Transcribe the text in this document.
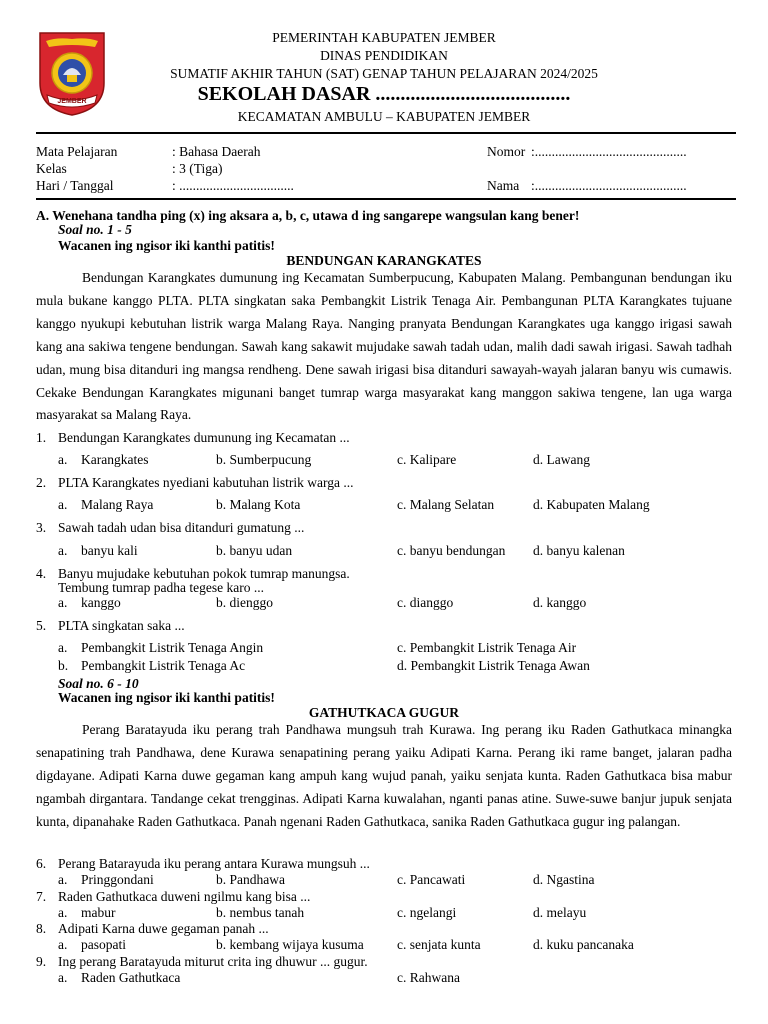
JEMBER
PEMERINTAH KABUPATEN JEMBER
DINAS PENDIDIKAN
SUMATIF AKHIR TAHUN (SAT) GENAP TAHUN PELAJARAN 2024/2025
SEKOLAH DASAR .......................................
KECAMATAN AMBULU – KABUPATEN JEMBER
Mata Pelajaran	: Bahasa Daerah
Kelas	: 3 (Tiga)
Hari / Tanggal	: ..................................
Nomor :.............................................
Nama :.............................................
A. Wenehana tandha ping (x) ing aksara a, b, c, utawa d ing sangarepe wangsulan kang bener!
Soal no. 1 - 5
Wacanen ing ngisor iki kanthi patitis!
BENDUNGAN KARANGKATES
Bendungan Karangkates dumunung ing Kecamatan Sumberpucung, Kabupaten Malang. Pembangunan bendungan iku mula bukane kanggo PLTA. PLTA singkatan saka Pembangkit Listrik Tenaga Air. Pembangunan PLTA Karangkates tujuane kanggo nyukupi kebutuhan listrik warga Malang Raya. Nanging pranyata Bendungan Karangkates uga kanggo irigasi sawah kang ana sakiwa tengene bendungan. Sawah kang sakawit mujudake sawah tadah udan, malih dadi sawah irigasi. Sawah tadhah udan, mung bisa ditanduri ing mangsa rendheng. Dene sawah irigasi bisa ditanduri sawayah-wayah jalaran banyu wis cumawis. Cekake Bendungan Karangkates migunani banget tumrap warga masyarakat kang manggon sakiwa tengene, lan uga warga masyarakat sa Malang Raya.
1. Bendungan Karangkates dumunung ing Kecamatan ...
a. Karangkates	b. Sumberpucung	c. Kalipare	d. Lawang
2. PLTA Karangkates nyediani kabutuhan listrik warga ...
a. Malang Raya	b. Malang Kota	c. Malang Selatan	d. Kabupaten Malang
3. Sawah tadah udan bisa ditanduri gumatung ...
a. banyu kali	b. banyu udan	c. banyu bendungan d. banyu kalenan
4. Banyu mujudake kebutuhan pokok tumrap manungsa.
Tembung tumrap padha tegese karo ...
a. kanggo	b. dienggo	c. dianggo	d. kanggo
5. PLTA singkatan saka ...
a. Pembangkit Listrik Tenaga Angin	c. Pembangkit Listrik Tenaga Air
b. Pembangkit Listrik Tenaga Ac	d. Pembangkit Listrik Tenaga Awan
Soal no. 6 - 10
Wacanen ing ngisor iki kanthi patitis!
GATHUTKACA GUGUR
Perang Baratayuda iku perang trah Pandhawa mungsuh trah Kurawa. Ing perang iku Raden Gathutkaca minangka senapatining trah Pandhawa, dene Kurawa senapatining perang yaiku Adipati Karna. Perang iki rame banget, jalaran padha digdayane. Adipati Karna duwe gegaman kang ampuh kang wujud panah, yaiku senjata kunta. Raden Gathutkaca bisa mabur ngambah dirgantara. Tandange cekat trengginas. Adipati Karna kuwalahan, nganti panas atine. Suwe-suwe banjur jupuk senjata kunta, dipanahake Raden Gathutkaca. Panah ngenani Raden Gathutkaca, sanika Raden Gathutkaca gugur ing palangan.
6. Perang Batarayuda iku perang antara Kurawa mungsuh ...
a. Pringgondani	b. Pandhawa	c. Pancawati	d. Ngastina
7. Raden Gathutkaca duweni ngilmu kang bisa ...
a. mabur	b. nembus tanah	c. ngelangi	d. melayu
8. Adipati Karna duwe gegaman panah ...
a. pasopati	b. kembang wijaya kusuma c. senjata kunta	d. kuku pancanaka
9. Ing perang Baratayuda miturut crita ing dhuwur ... gugur.
a. Raden Gathutkaca	c. Rahwana
